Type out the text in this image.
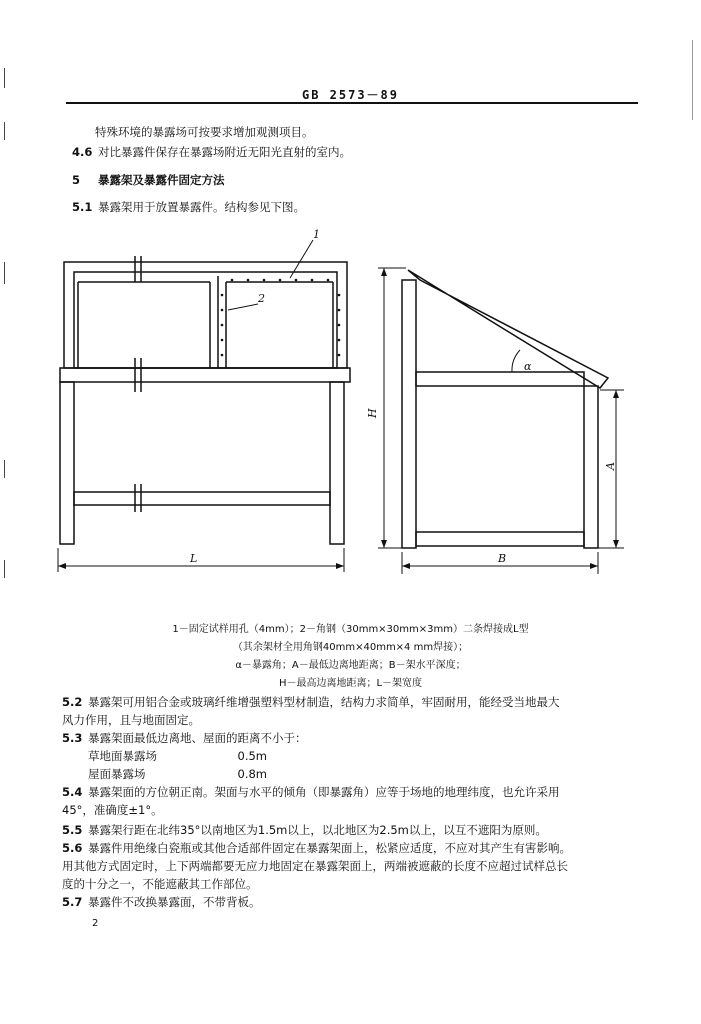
GB 2573－89
特殊环境的暴露场可按要求增加观测项目。
4.6 对比暴露件保存在暴露场附近无阳光直射的室内。
5 暴露架及暴露件固定方法
5.1 暴露架用于放置暴露件。结构参见下图。
1
2
L
H
A
B
α
1－固定试样用孔（4mm）；2－角钢（30mm×30mm×3mm）二条焊接成L型
（其余架材全用角钢40mm×40mm×4 mm焊接）；
α－暴露角；A－最低边离地距离；B－架水平深度；
H－最高边离地距离；L－架宽度
5.2 暴露架可用铝合金或玻璃纤维增强塑料型材制造，结构力求简单，牢固耐用，能经受当地最大
风力作用，且与地面固定。
5.3 暴露架面最低边离地、屋面的距离不小于：
草地面暴露场　　　　　　　0.5m
屋面暴露场　　　　　　　　0.8m
5.4 暴露架面的方位朝正南。架面与水平的倾角（即暴露角）应等于场地的地理纬度，也允许采用
45°，准确度±1°。
5.5 暴露架行距在北纬35°以南地区为1.5m以上，以北地区为2.5m以上，以互不遮阳为原则。
5.6 暴露件用绝缘白瓷瓶或其他合适部件固定在暴露架面上，松紧应适度，不应对其产生有害影响。
用其他方式固定时，上下两端都要无应力地固定在暴露架面上，两端被遮蔽的长度不应超过试样总长
度的十分之一，不能遮蔽其工作部位。
5.7 暴露件不改换暴露面，不带背板。
2
